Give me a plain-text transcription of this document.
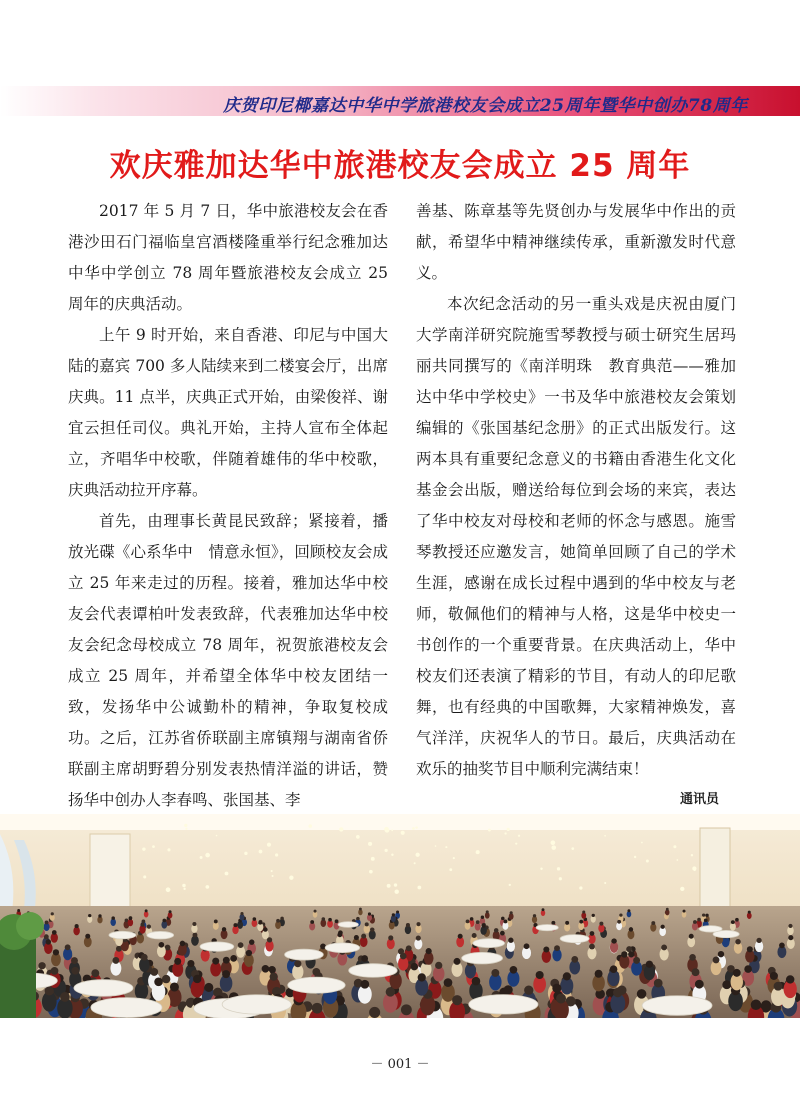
庆贺印尼椰嘉达中华中学旅港校友会成立25周年暨华中创办78周年
欢庆雅加达华中旅港校友会成立 25 周年

2017 年 5 月 7 日，华中旅港校友会在香港沙田石门福临皇宫酒楼隆重举行纪念雅加达中华中学创立 78 周年暨旅港校友会成立 25 周年的庆典活动。

上午 9 时开始，来自香港、印尼与中国大陆的嘉宾 700 多人陆续来到二楼宴会厅，出席庆典。11 点半，庆典正式开始，由梁俊祥、谢宜云担任司仪。典礼开始，主持人宣布全体起立，齐唱华中校歌，伴随着雄伟的华中校歌，庆典活动拉开序幕。

首先，由理事长黄昆民致辞；紧接着，播放光碟《心系华中　情意永恒》，回顾校友会成立 25 年来走过的历程。接着，雅加达华中校友会代表谭柏叶发表致辞，代表雅加达华中校友会纪念母校成立 78 周年，祝贺旅港校友会成立 25 周年，并希望全体华中校友团结一致，发扬华中公诚勤朴的精神，争取复校成功。之后，江苏省侨联副主席镇翔与湖南省侨联副主席胡野碧分别发表热情洋溢的讲话，赞扬华中创办人李春鸣、张国基、李

善基、陈章基等先贤创办与发展华中作出的贡献，希望华中精神继续传承，重新激发时代意义。

本次纪念活动的另一重头戏是庆祝由厦门大学南洋研究院施雪琴教授与硕士研究生居玛丽共同撰写的《南洋明珠　教育典范——雅加达中华中学校史》一书及华中旅港校友会策划编辑的《张国基纪念册》的正式出版发行。这两本具有重要纪念意义的书籍由香港生化文化基金会出版，赠送给每位到会场的来宾，表达了华中校友对母校和老师的怀念与感恩。施雪琴教授还应邀发言，她简单回顾了自己的学术生涯，感谢在成长过程中遇到的华中校友与老师，敬佩他们的精神与人格，这是华中校史一书创作的一个重要背景。在庆典活动上，华中校友们还表演了精彩的节目，有动人的印尼歌舞，也有经典的中国歌舞，大家精神焕发，喜气洋洋，庆祝华人的节日。最后，庆典活动在欢乐的抽奖节目中顺利完满结束！

通讯员
－ 001 －
